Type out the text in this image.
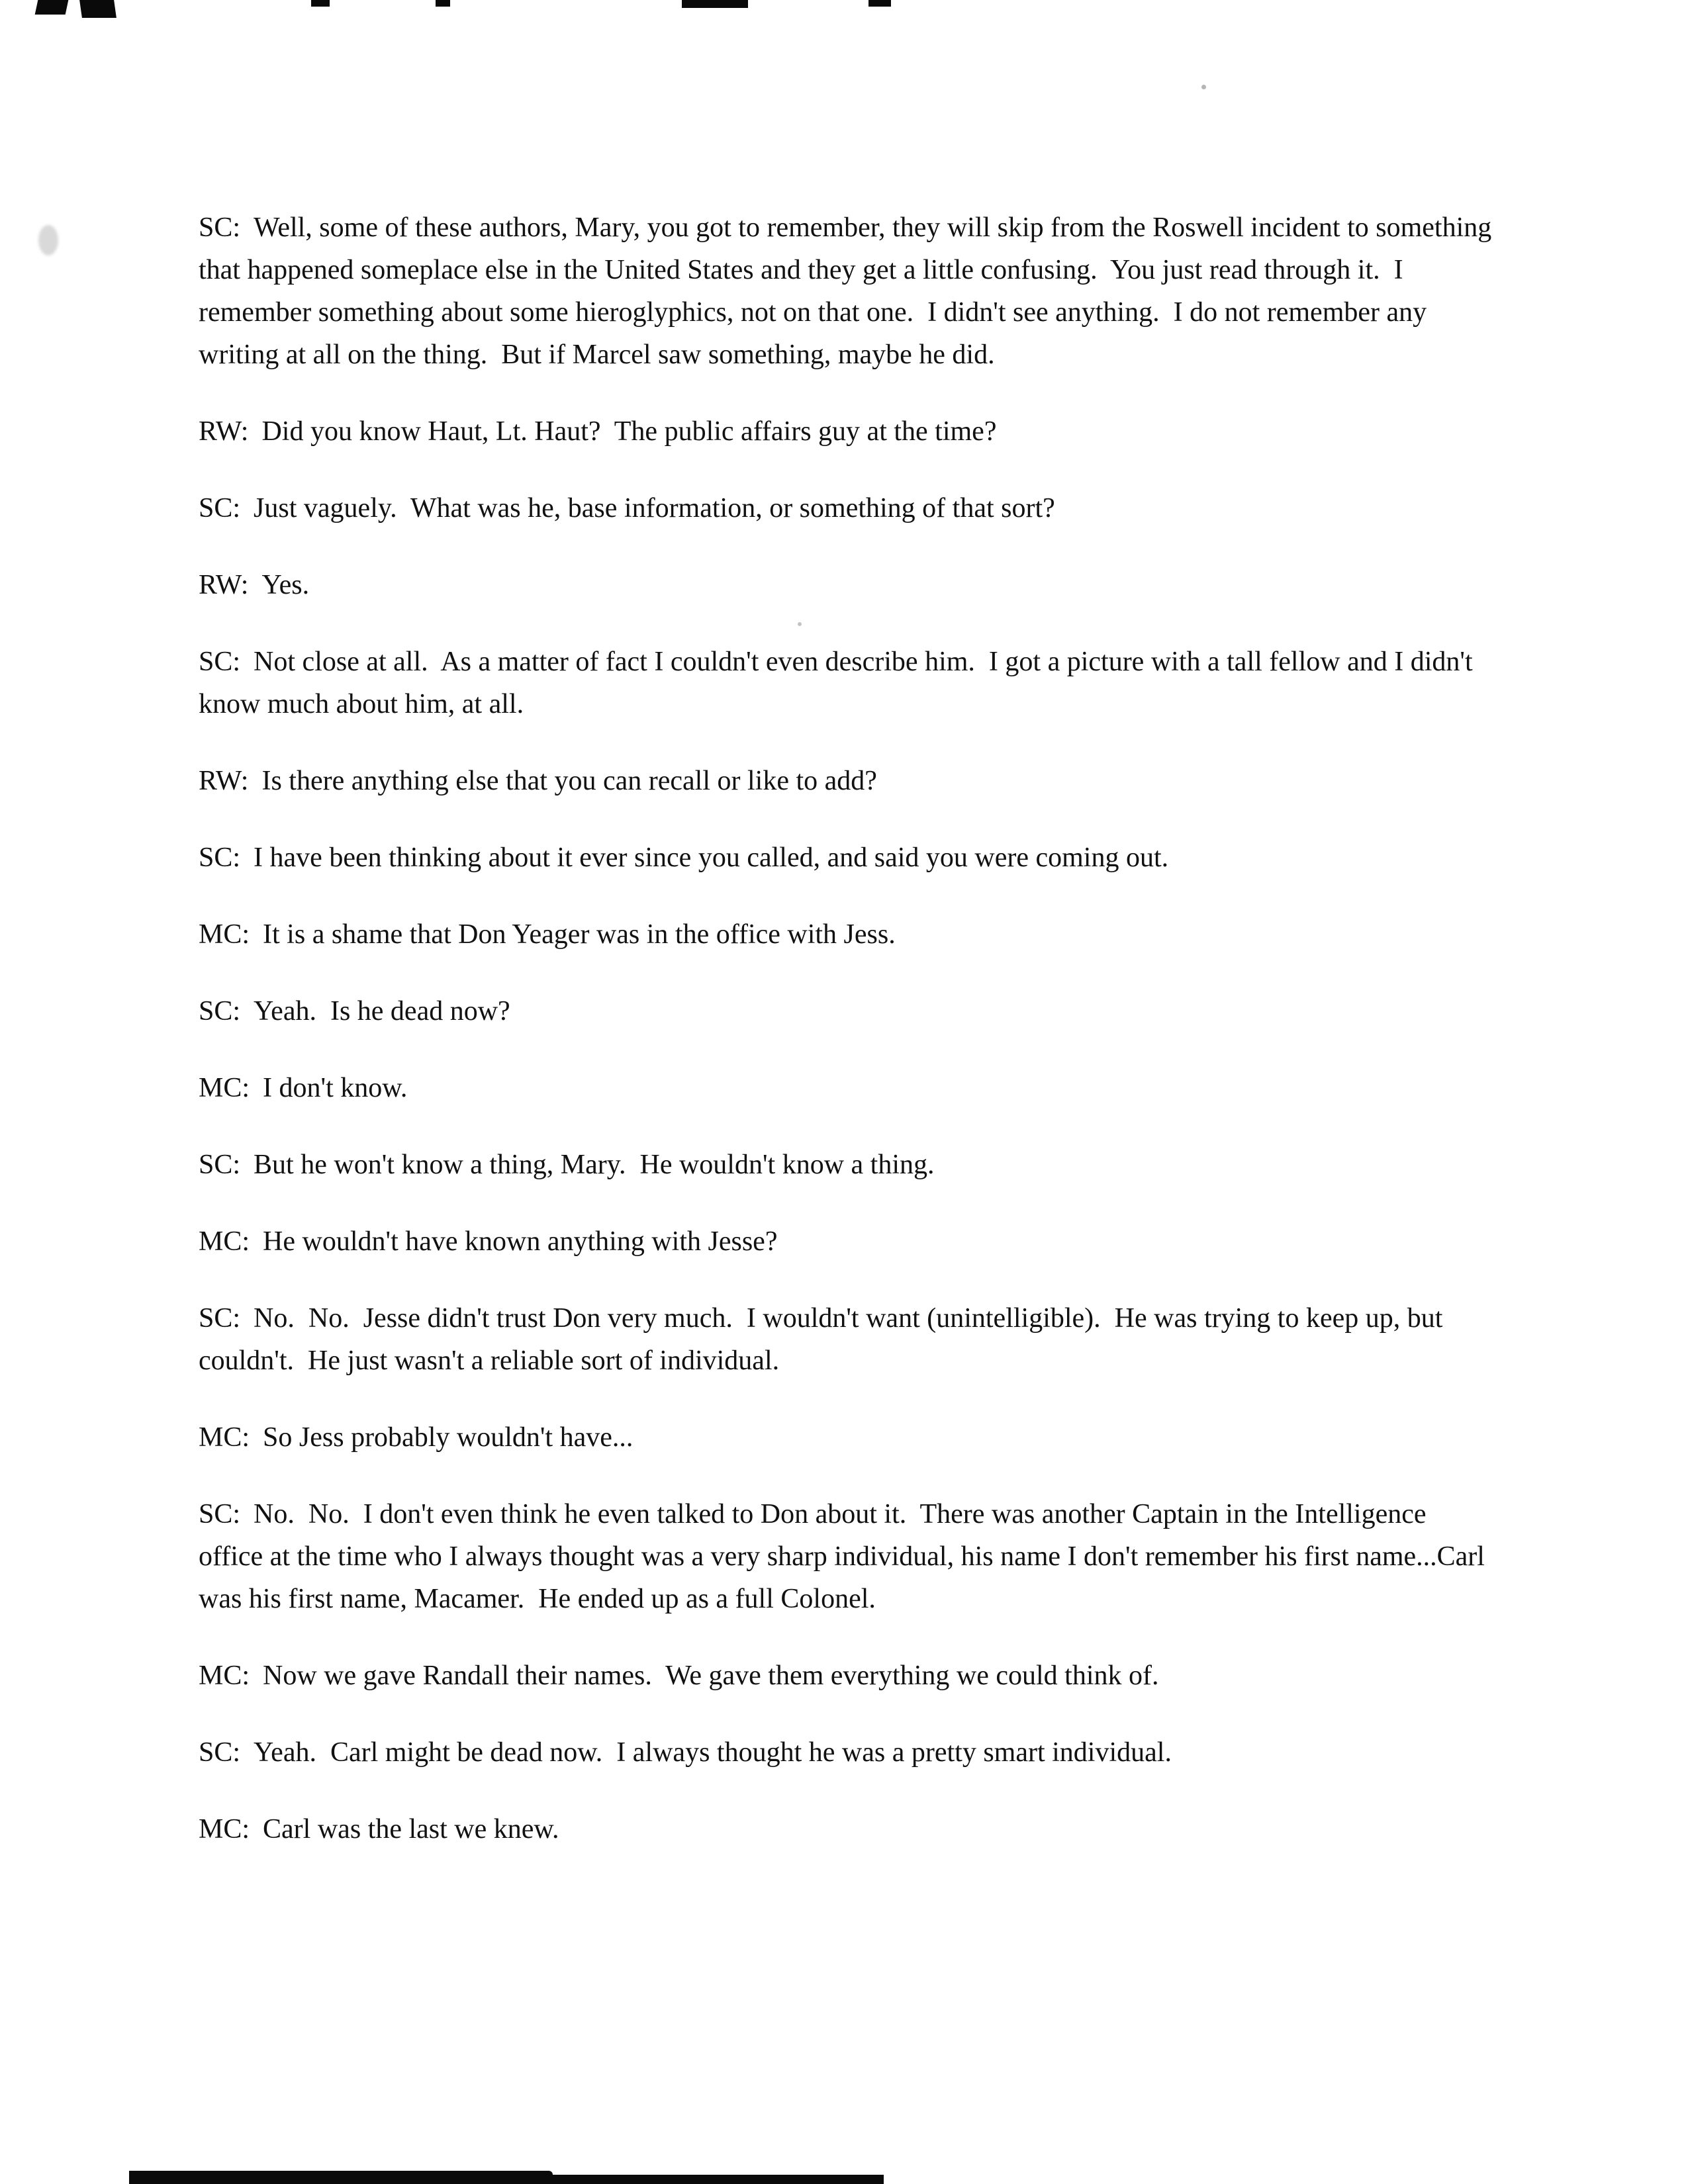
SC: Well, some of these authors, Mary, you got to remember, they will skip from the Roswell incident to something that happened someplace else in the United States and they get a little confusing.  You just read through it.  I remember something about some hieroglyphics, not on that one.  I didn't see anything.  I do not remember any writing at all on the thing.  But if Marcel saw something, maybe he did.

RW: Did you know Haut, Lt. Haut?  The public affairs guy at the time?

SC: Just vaguely.  What was he, base information, or something of that sort?

RW: Yes.

SC: Not close at all.  As a matter of fact I couldn't even describe him.  I got a picture with a tall fellow and I didn't know much about him, at all.

RW: Is there anything else that you can recall or like to add?

SC: I have been thinking about it ever since you called, and said you were coming out.

MC: It is a shame that Don Yeager was in the office with Jess.

SC: Yeah.  Is he dead now?

MC: I don't know.

SC: But he won't know a thing, Mary.  He wouldn't know a thing.

MC: He wouldn't have known anything with Jesse?

SC: No.  No.  Jesse didn't trust Don very much.  I wouldn't want (unintelligible).  He was trying to keep up, but couldn't.  He just wasn't a reliable sort of individual.

MC: So Jess probably wouldn't have...

SC: No.  No.  I don't even think he even talked to Don about it.  There was another Captain in the Intelligence office at the time who I always thought was a very sharp individual, his name I don't remember his first name...Carl was his first name, Macamer.  He ended up as a full Colonel.

MC: Now we gave Randall their names.  We gave them everything we could think of.

SC: Yeah.  Carl might be dead now.  I always thought he was a pretty smart individual.

MC: Carl was the last we knew.
